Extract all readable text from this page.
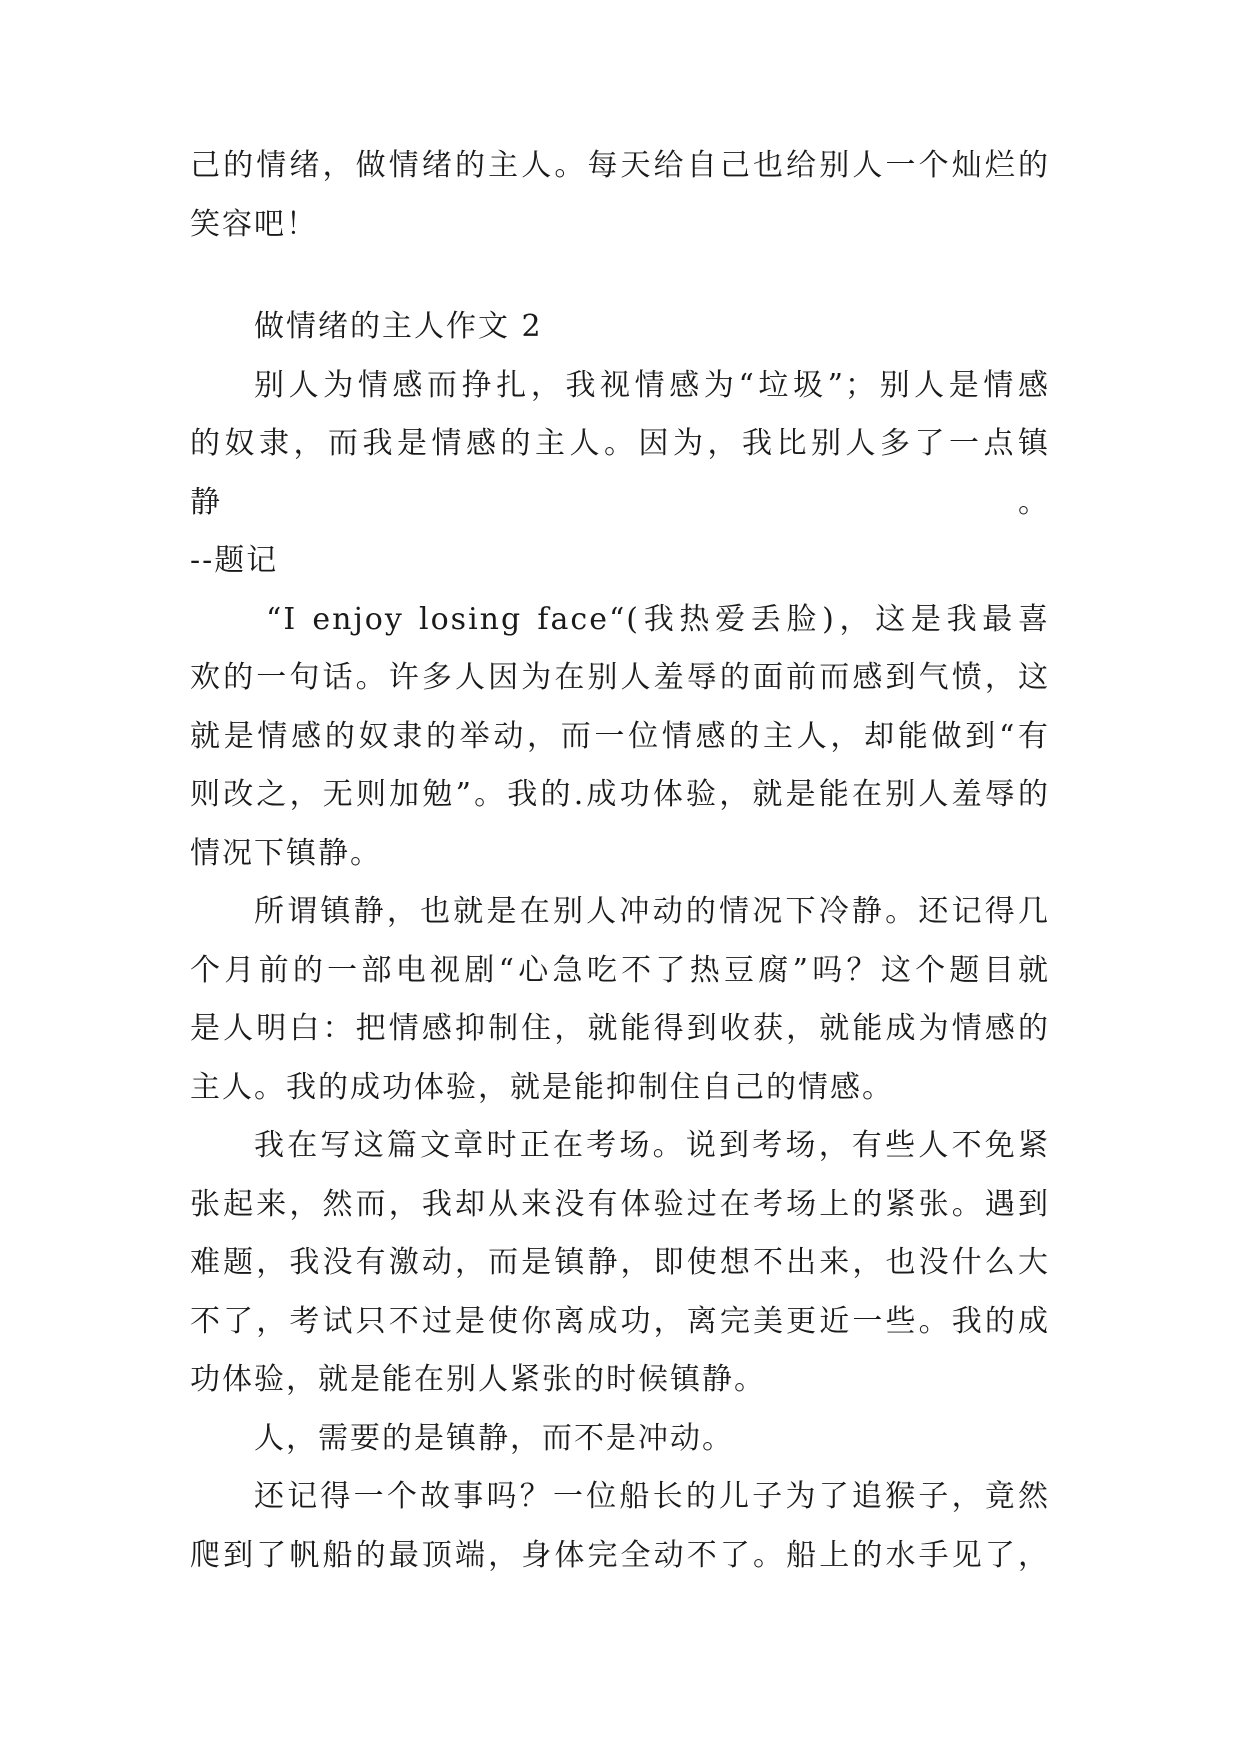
己的情绪，做情绪的主人。每天给自己也给别人一个灿烂的
笑容吧！
做情绪的主人作文 2
别人为情感而挣扎，我视情感为“垃圾”；别人是情感
的奴隶，而我是情感的主人。因为，我比别人多了一点镇静。
--题记
“I enjoy losing face“(我热爱丢脸)，这是我最喜
欢的一句话。许多人因为在别人羞辱的面前而感到气愤，这
就是情感的奴隶的举动，而一位情感的主人，却能做到“有
则改之，无则加勉”。我的.成功体验，就是能在别人羞辱的
情况下镇静。
所谓镇静，也就是在别人冲动的情况下冷静。还记得几
个月前的一部电视剧“心急吃不了热豆腐”吗？这个题目就
是人明白：把情感抑制住，就能得到收获，就能成为情感的
主人。我的成功体验，就是能抑制住自己的情感。
我在写这篇文章时正在考场。说到考场，有些人不免紧
张起来，然而，我却从来没有体验过在考场上的紧张。遇到
难题，我没有激动，而是镇静，即使想不出来，也没什么大
不了，考试只不过是使你离成功，离完美更近一些。我的成
功体验，就是能在别人紧张的时候镇静。
人，需要的是镇静，而不是冲动。
还记得一个故事吗？一位船长的儿子为了追猴子，竟然
爬到了帆船的最顶端，身体完全动不了。船上的水手见了，
